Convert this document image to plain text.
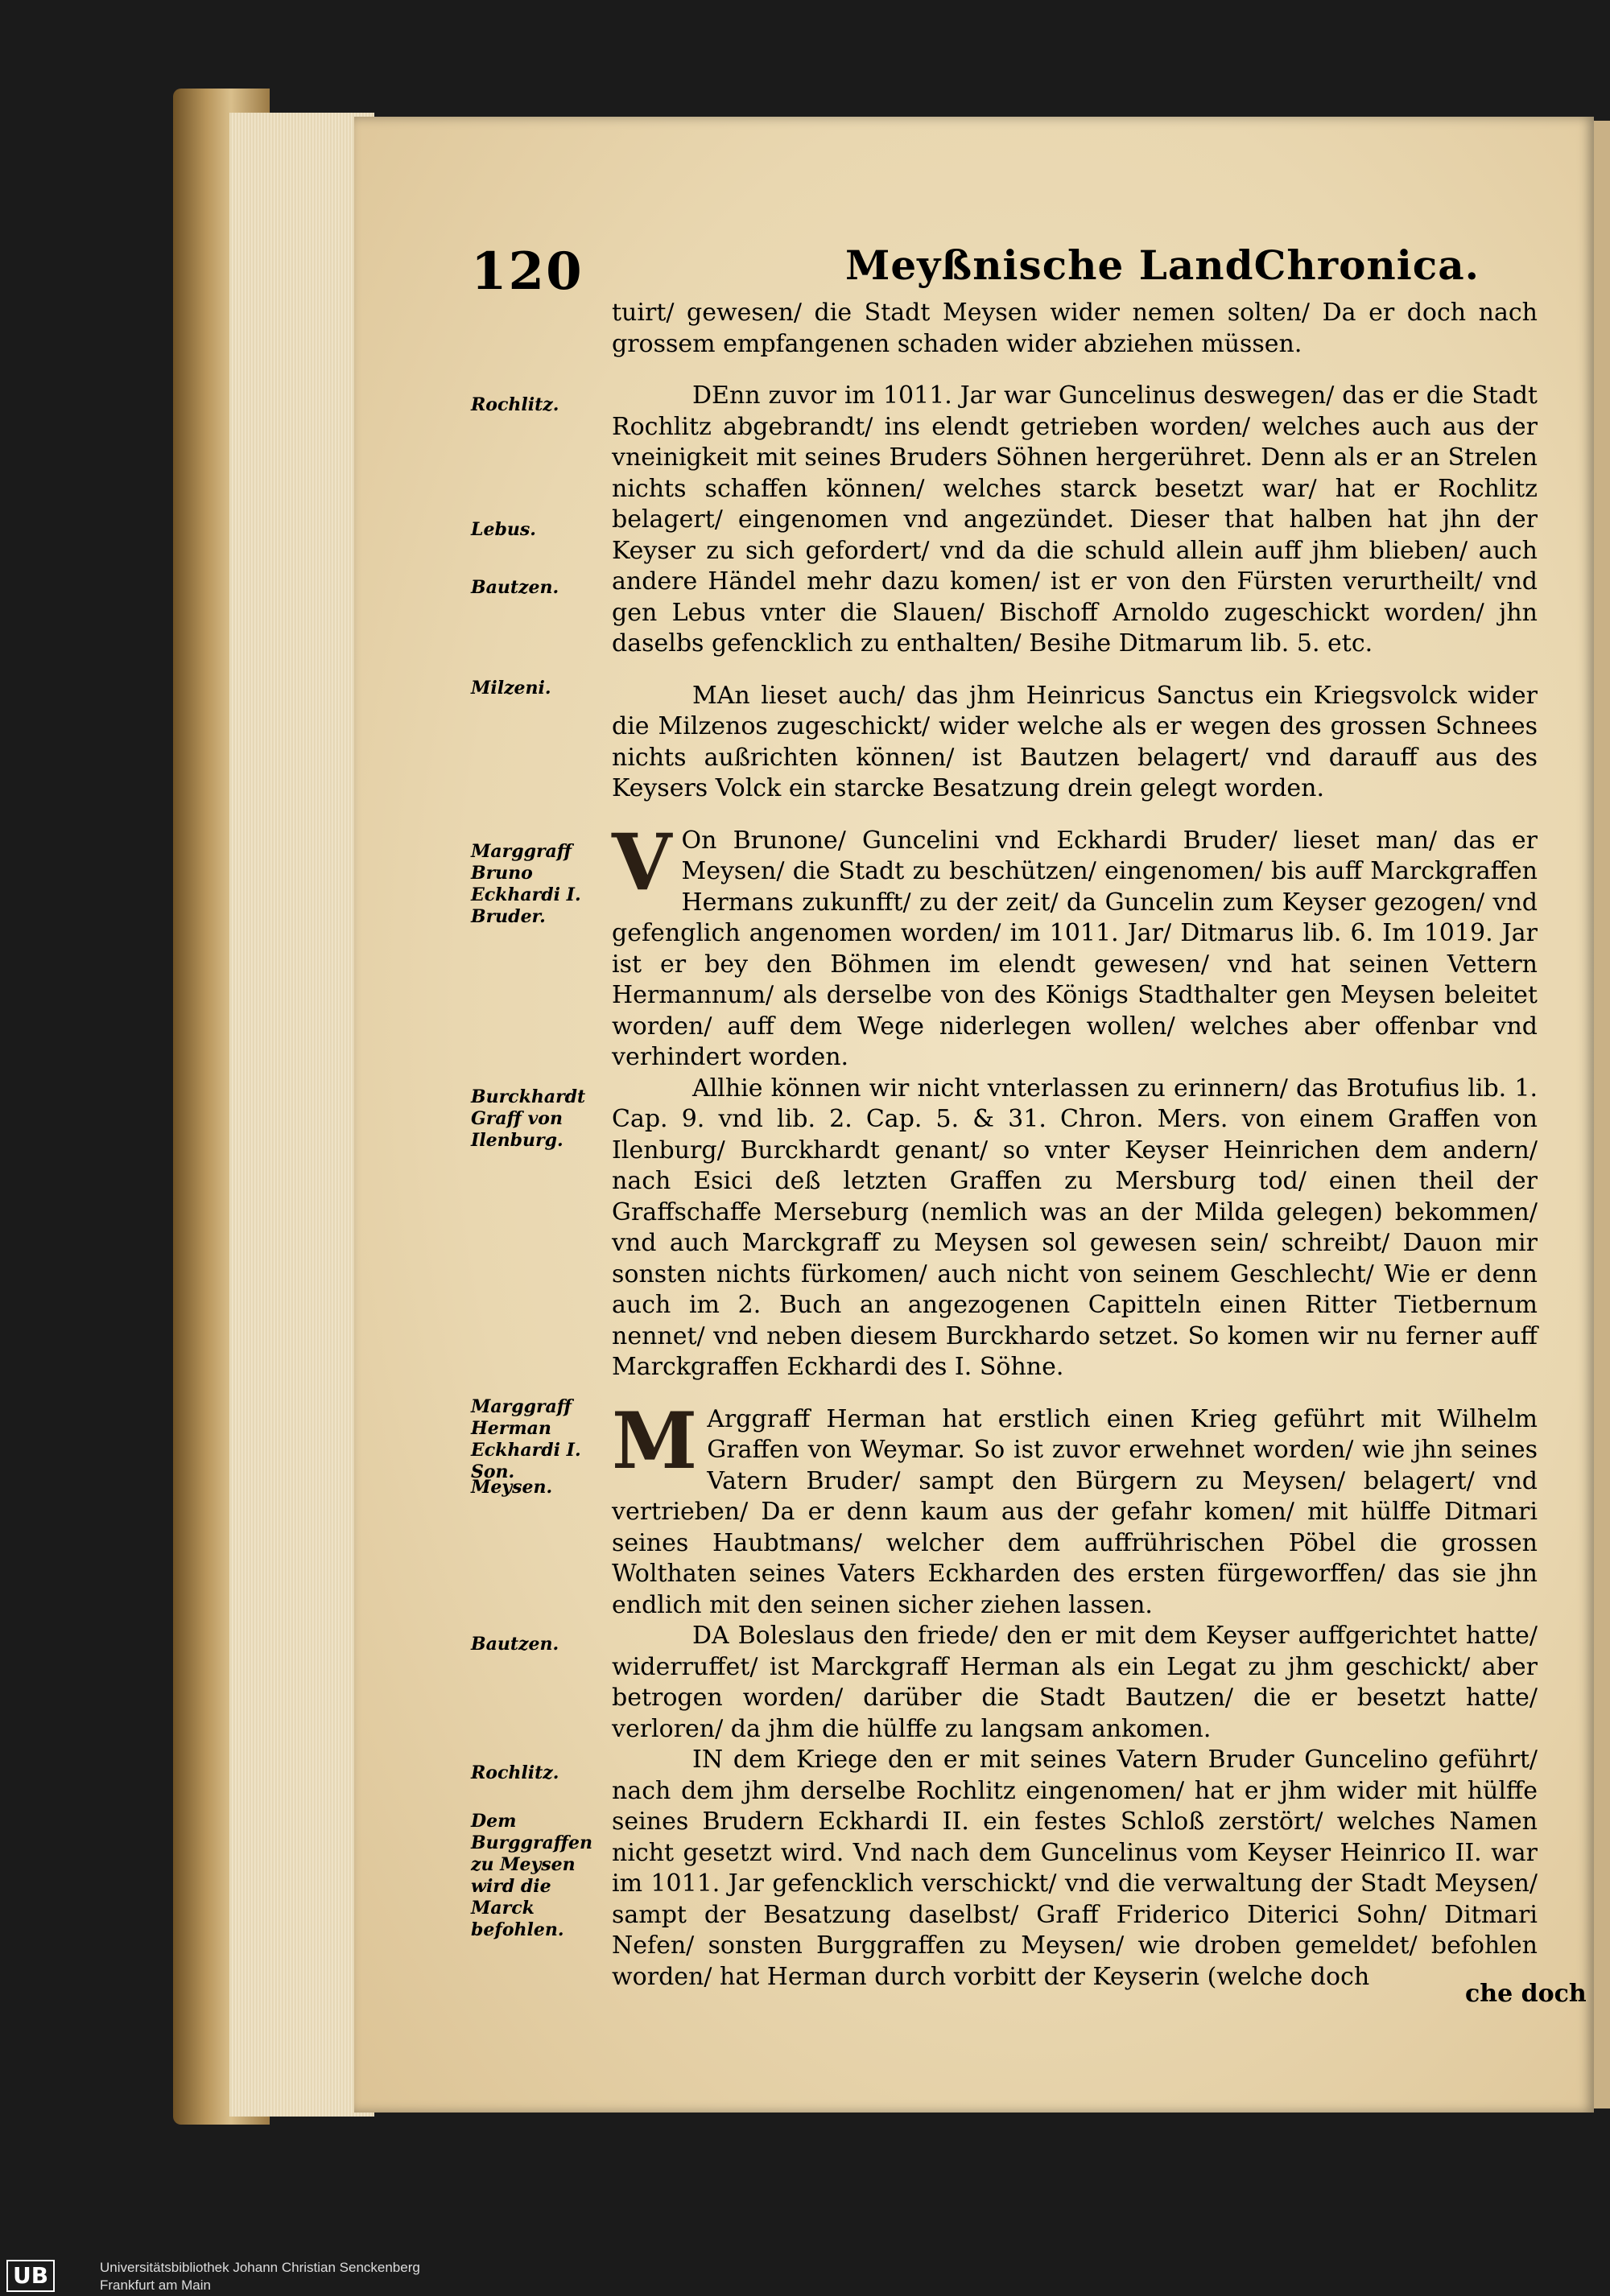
120	Meyßnische LandChronica.
Rochlitz.
Lebus.
Bautzen.
Milzeni.
Marggraff Bruno Eckhardi I. Bruder.
Burckhardt Graff von Ilenburg.
Marggraff Herman Eckhardi I. Son.
Meysen.
Bautzen.
Rochlitz.
Dem Burggraffen zu Meysen wird die Marck befohlen.

tuirt/ gewesen/ die Stadt Meysen wider nemen solten/ Da er doch nach grossem empfangenen schaden wider abziehen müssen.

DEnn zuvor im 1011. Jar war Guncelinus deswegen/ das er die Stadt Rochlitz abgebrandt/ ins elendt getrieben worden/ welches auch aus der vneinigkeit mit seines Bruders Söhnen hergerühret. Denn als er an Strelen nichts schaffen können/ welches starck besetzt war/ hat er Rochlitz belagert/ eingenomen vnd angezündet. Dieser that halben hat jhn der Keyser zu sich gefordert/ vnd da die schuld allein auff jhm blieben/ auch andere Händel mehr dazu komen/ ist er von den Fürsten verurtheilt/ vnd gen Lebus vnter die Slauen/ Bischoff Arnoldo zugeschickt worden/ jhn daselbs gefencklich zu enthalten/ Besihe Ditmarum lib. 5. etc.

MAn lieset auch/ das jhm Heinricus Sanctus ein Kriegsvolck wider die Milzenos zugeschickt/ wider welche als er wegen des grossen Schnees nichts außrichten können/ ist Bautzen belagert/ vnd darauff aus des Keysers Volck ein starcke Besatzung drein gelegt worden.

V On Brunone/ Guncelini vnd Eckhardi Bruder/ lieset man/ das er Meysen/ die Stadt zu beschützen/ eingenomen/ bis auff Marckgraffen Hermans zukunfft/ zu der zeit/ da Guncelin zum Keyser gezogen/ vnd gefenglich angenomen worden/ im 1011. Jar/ Ditmarus lib. 6. Im 1019. Jar ist er bey den Böhmen im elendt gewesen/ vnd hat seinen Vettern Hermannum/ als derselbe von des Königs Stadthalter gen Meysen beleitet worden/ auff dem Wege niderlegen wollen/ welches aber offenbar vnd verhindert worden.

Allhie können wir nicht vnterlassen zu erinnern/ das Brotufius lib. 1. Cap. 9. vnd lib. 2. Cap. 5. & 31. Chron. Mers. von einem Graffen von Ilenburg/ Burckhardt genant/ so vnter Keyser Heinrichen dem andern/ nach Esici deß letzten Graffen zu Mersburg tod/ einen theil der Graffschaffe Merseburg (nemlich was an der Milda gelegen) bekommen/ vnd auch Marckgraff zu Meysen sol gewesen sein/ schreibt/ Dauon mir sonsten nichts fürkomen/ auch nicht von seinem Geschlecht/ Wie er denn auch im 2. Buch an angezogenen Capitteln einen Ritter Tietbernum nennet/ vnd neben diesem Burckhardo setzet. So komen wir nu ferner auff Marckgraffen Eckhardi des I. Söhne.

M Arggraff Herman hat erstlich einen Krieg geführt mit Wilhelm Graffen von Weymar. So ist zuvor erwehnet worden/ wie jhn seines Vatern Bruder/ sampt den Bürgern zu Meysen/ belagert/ vnd vertrieben/ Da er denn kaum aus der gefahr komen/ mit hülffe Ditmari seines Haubtmans/ welcher dem auffrührischen Pöbel die grossen Wolthaten seines Vaters Eckharden des ersten fürgeworffen/ das sie jhn endlich mit den seinen sicher ziehen lassen.

DA Boleslaus den friede/ den er mit dem Keyser auffgerichtet hatte/ widerruffet/ ist Marckgraff Herman als ein Legat zu jhm geschickt/ aber betrogen worden/ darüber die Stadt Bautzen/ die er besetzt hatte/ verloren/ da jhm die hülffe zu langsam ankomen.

IN dem Kriege den er mit seines Vatern Bruder Guncelino geführt/ nach dem jhm derselbe Rochlitz eingenomen/ hat er jhm wider mit hülffe seines Brudern Eckhardi II. ein festes Schloß zerstört/ welches Namen nicht gesetzt wird. Vnd nach dem Guncelinus vom Keyser Heinrico II. war im 1011. Jar gefencklich verschickt/ vnd die verwaltung der Stadt Meysen/ sampt der Besatzung daselbst/ Graff Friderico Diterici Sohn/ Ditmari Nefen/ sonsten Burggraffen zu Meysen/ wie droben gemeldet/ befohlen worden/ hat Herman durch vorbitt der Keyserin (welche doch

che doch
UB	Universitätsbibliothek Johann Christian Senckenberg
Frankfurt am Main
